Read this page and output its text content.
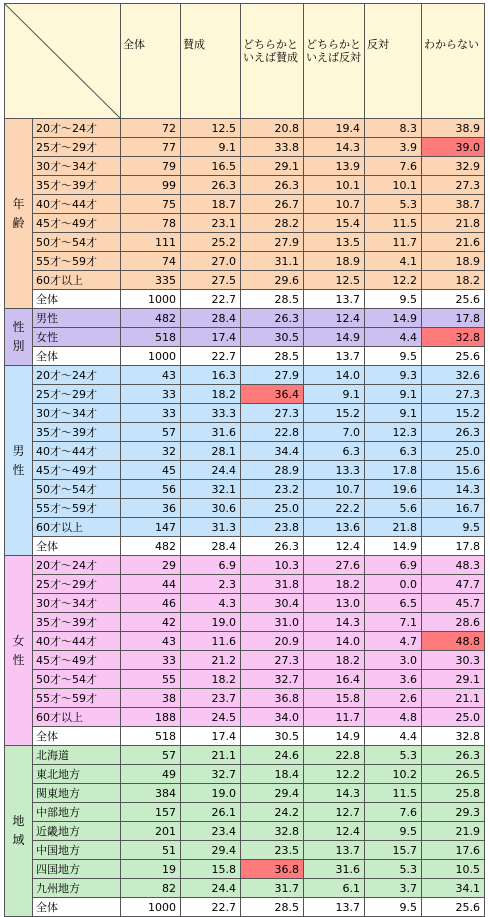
	全体	賛成	どちらかといえば賛成	どちらかといえば反対	反対	わからない
年齢	20才～24才	72	12.5	20.8	19.4	8.3	38.9
	25才～29才	77	9.1	33.8	14.3	3.9	39.0
	30才～34才	79	16.5	29.1	13.9	7.6	32.9
	35才～39才	99	26.3	26.3	10.1	10.1	27.3
	40才～44才	75	18.7	26.7	10.7	5.3	38.7
	45才～49才	78	23.1	28.2	15.4	11.5	21.8
	50才～54才	111	25.2	27.9	13.5	11.7	21.6
	55才～59才	74	27.0	31.1	18.9	4.1	18.9
	60才以上	335	27.5	29.6	12.5	12.2	18.2
	全体	1000	22.7	28.5	13.7	9.5	25.6
性別	男性	482	28.4	26.3	12.4	14.9	17.8
	女性	518	17.4	30.5	14.9	4.4	32.8
	全体	1000	22.7	28.5	13.7	9.5	25.6
男性	20才～24才	43	16.3	27.9	14.0	9.3	32.6
	25才～29才	33	18.2	36.4	9.1	9.1	27.3
	30才～34才	33	33.3	27.3	15.2	9.1	15.2
	35才～39才	57	31.6	22.8	7.0	12.3	26.3
	40才～44才	32	28.1	34.4	6.3	6.3	25.0
	45才～49才	45	24.4	28.9	13.3	17.8	15.6
	50才～54才	56	32.1	23.2	10.7	19.6	14.3
	55才～59才	36	30.6	25.0	22.2	5.6	16.7
	60才以上	147	31.3	23.8	13.6	21.8	9.5
	全体	482	28.4	26.3	12.4	14.9	17.8
女性	20才～24才	29	6.9	10.3	27.6	6.9	48.3
	25才～29才	44	2.3	31.8	18.2	0.0	47.7
	30才～34才	46	4.3	30.4	13.0	6.5	45.7
	35才～39才	42	19.0	31.0	14.3	7.1	28.6
	40才～44才	43	11.6	20.9	14.0	4.7	48.8
	45才～49才	33	21.2	27.3	18.2	3.0	30.3
	50才～54才	55	18.2	32.7	16.4	3.6	29.1
	55才～59才	38	23.7	36.8	15.8	2.6	21.1
	60才以上	188	24.5	34.0	11.7	4.8	25.0
	全体	518	17.4	30.5	14.9	4.4	32.8
地域	北海道	57	21.1	24.6	22.8	5.3	26.3
	東北地方	49	32.7	18.4	12.2	10.2	26.5
	関東地方	384	19.0	29.4	14.3	11.5	25.8
	中部地方	157	26.1	24.2	12.7	7.6	29.3
	近畿地方	201	23.4	32.8	12.4	9.5	21.9
	中国地方	51	29.4	23.5	13.7	15.7	17.6
	四国地方	19	15.8	36.8	31.6	5.3	10.5
	九州地方	82	24.4	31.7	6.1	3.7	34.1
	全体	1000	22.7	28.5	13.7	9.5	25.6
